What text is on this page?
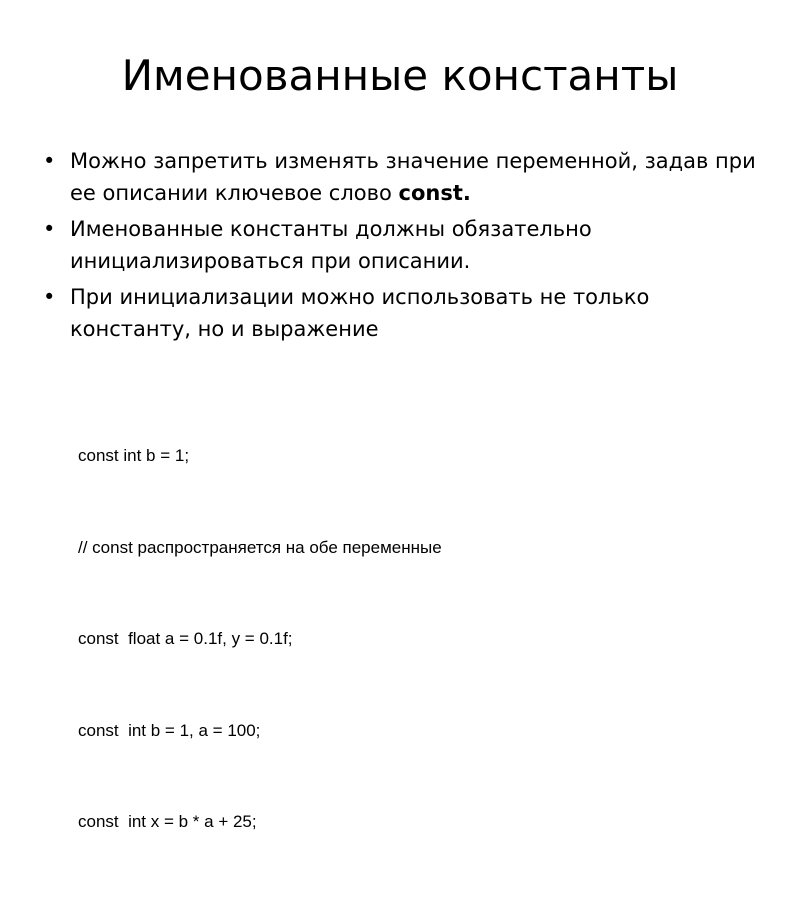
Именованные константы
• Можно запретить изменять значение переменной, задав при ее описании ключевое слово const.
• Именованные константы должны обязательно инициализироваться при описании.
• При инициализации можно использовать не только константу, но и выражение

const int b = 1;

// const распространяется на обе переменные

const  float a = 0.1f, y = 0.1f;

const  int b = 1, a = 100;

const  int x = b * a + 25;
